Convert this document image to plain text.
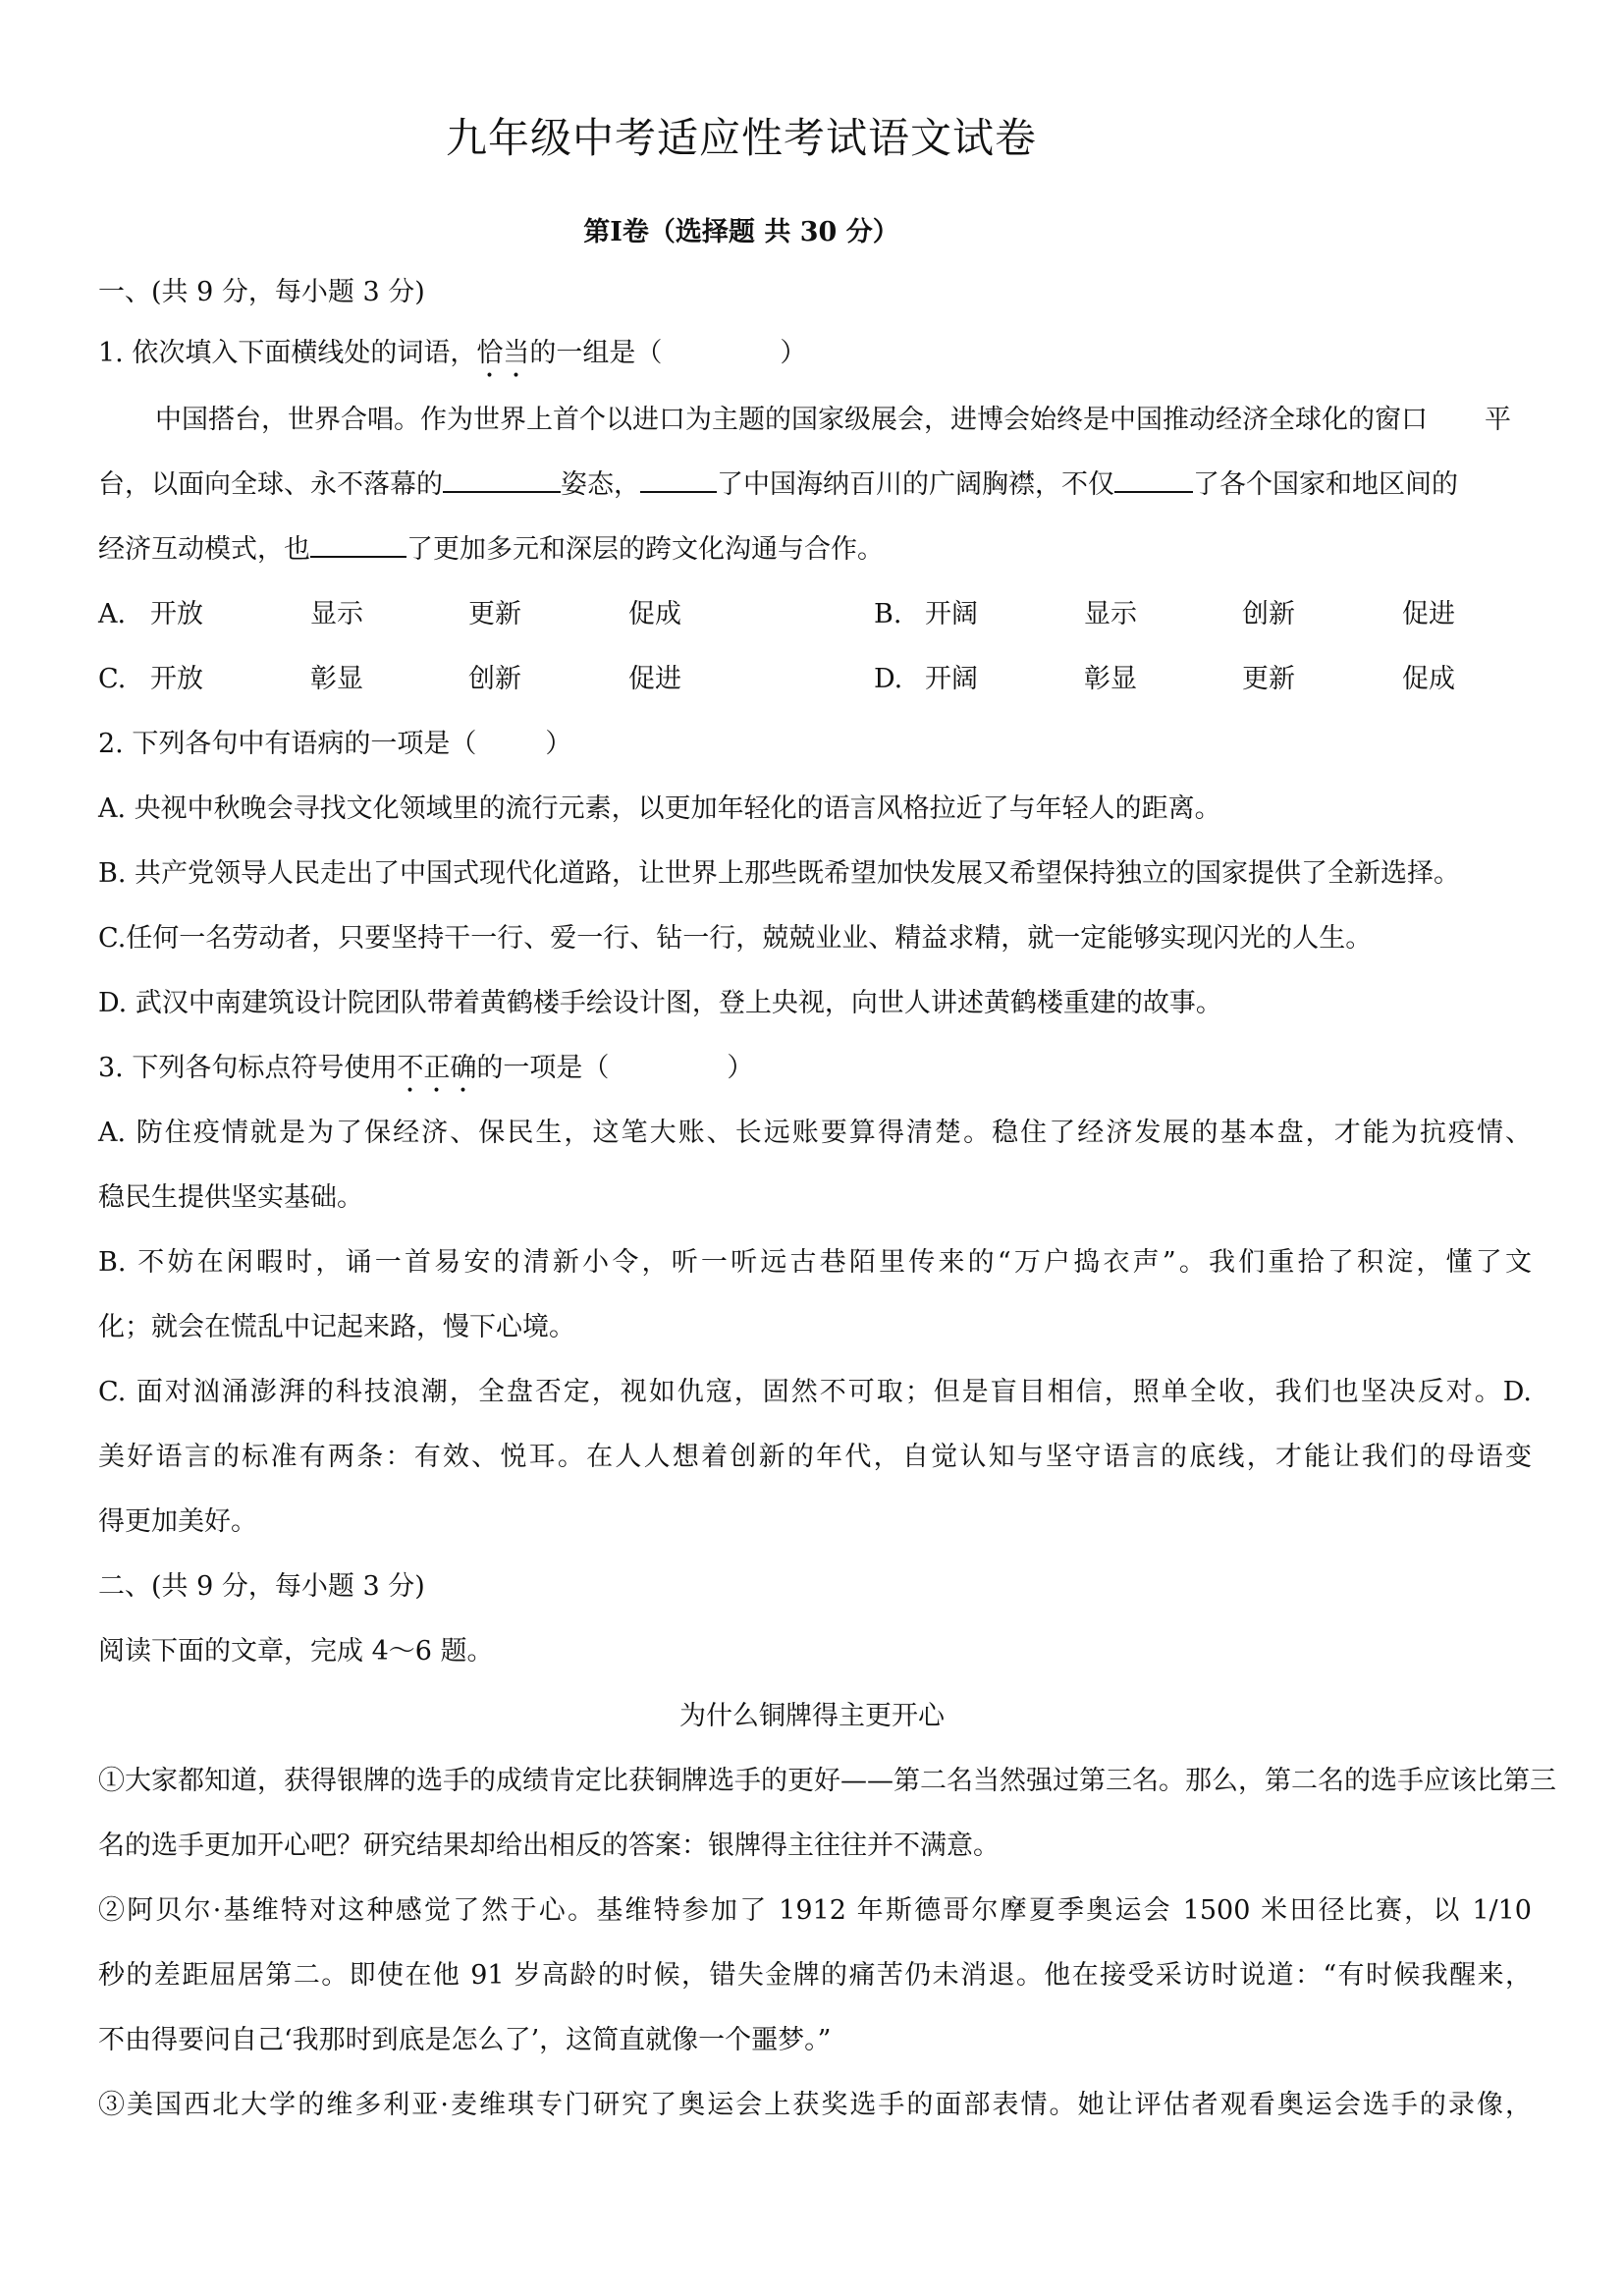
九年级中考适应性考试语文试卷
第Ⅰ卷（选择题 共 30 分）
一、(共 9 分，每小题 3 分)
1. 依次填入下面横线处的词语，恰当的一组是（	）
中国搭台，世界合唱。作为世界上首个以进口为主题的国家级展会，进博会始终是中国推动经济全球化的窗口 平
台，以面向全球、永不落幕的	姿态，	了中国海纳百川的广阔胸襟，不仅	了各个国家和地区间的
经济互动模式，也	了更加多元和深层的跨文化沟通与合作。
A. 开放	显示	更新	促成	B. 开阔	显示	创新	促进
C. 开放	彰显	创新	促进	D. 开阔	彰显	更新	促成
2. 下列各句中有语病的一项是（	）
A. 央视中秋晚会寻找文化领域里的流行元素，以更加年轻化的语言风格拉近了与年轻人的距离。
B. 共产党领导人民走出了中国式现代化道路，让世界上那些既希望加快发展又希望保持独立的国家提供了全新选择。
C.任何一名劳动者，只要坚持干一行、爱一行、钻一行，兢兢业业、精益求精，就一定能够实现闪光的人生。
D. 武汉中南建筑设计院团队带着黄鹤楼手绘设计图，登上央视，向世人讲述黄鹤楼重建的故事。
3. 下列各句标点符号使用不正确的一项是（	）
A. 防住疫情就是为了保经济、保民生，这笔大账、长远账要算得清楚。稳住了经济发展的基本盘，才能为抗疫情、
稳民生提供坚实基础。
B. 不妨在闲暇时，诵一首易安的清新小令，听一听远古巷陌里传来的“万户捣衣声”。我们重拾了积淀，懂了文
化；就会在慌乱中记起来路，慢下心境。
C. 面对汹涌澎湃的科技浪潮，全盘否定，视如仇寇，固然不可取；但是盲目相信，照单全收，我们也坚决反对。D.
美好语言的标准有两条：有效、悦耳。在人人想着创新的年代，自觉认知与坚守语言的底线，才能让我们的母语变
得更加美好。
二、(共 9 分，每小题 3 分)
阅读下面的文章，完成 4～6 题。
为什么铜牌得主更开心
①大家都知道，获得银牌的选手的成绩肯定比获铜牌选手的更好——第二名当然强过第三名。那么，第二名的选手应该比第三
名的选手更加开心吧？研究结果却给出相反的答案：银牌得主往往并不满意。
②阿贝尔·基维特对这种感觉了然于心。基维特参加了 1912 年斯德哥尔摩夏季奥运会 1500 米田径比赛，以 1/10
秒的差距屈居第二。即使在他 91 岁高龄的时候，错失金牌的痛苦仍未消退。他在接受采访时说道：“有时候我醒来，
不由得要问自己‘我那时到底是怎么了’，这简直就像一个噩梦。”
③美国西北大学的维多利亚·麦维琪专门研究了奥运会上获奖选手的面部表情。她让评估者观看奥运会选手的录像，
